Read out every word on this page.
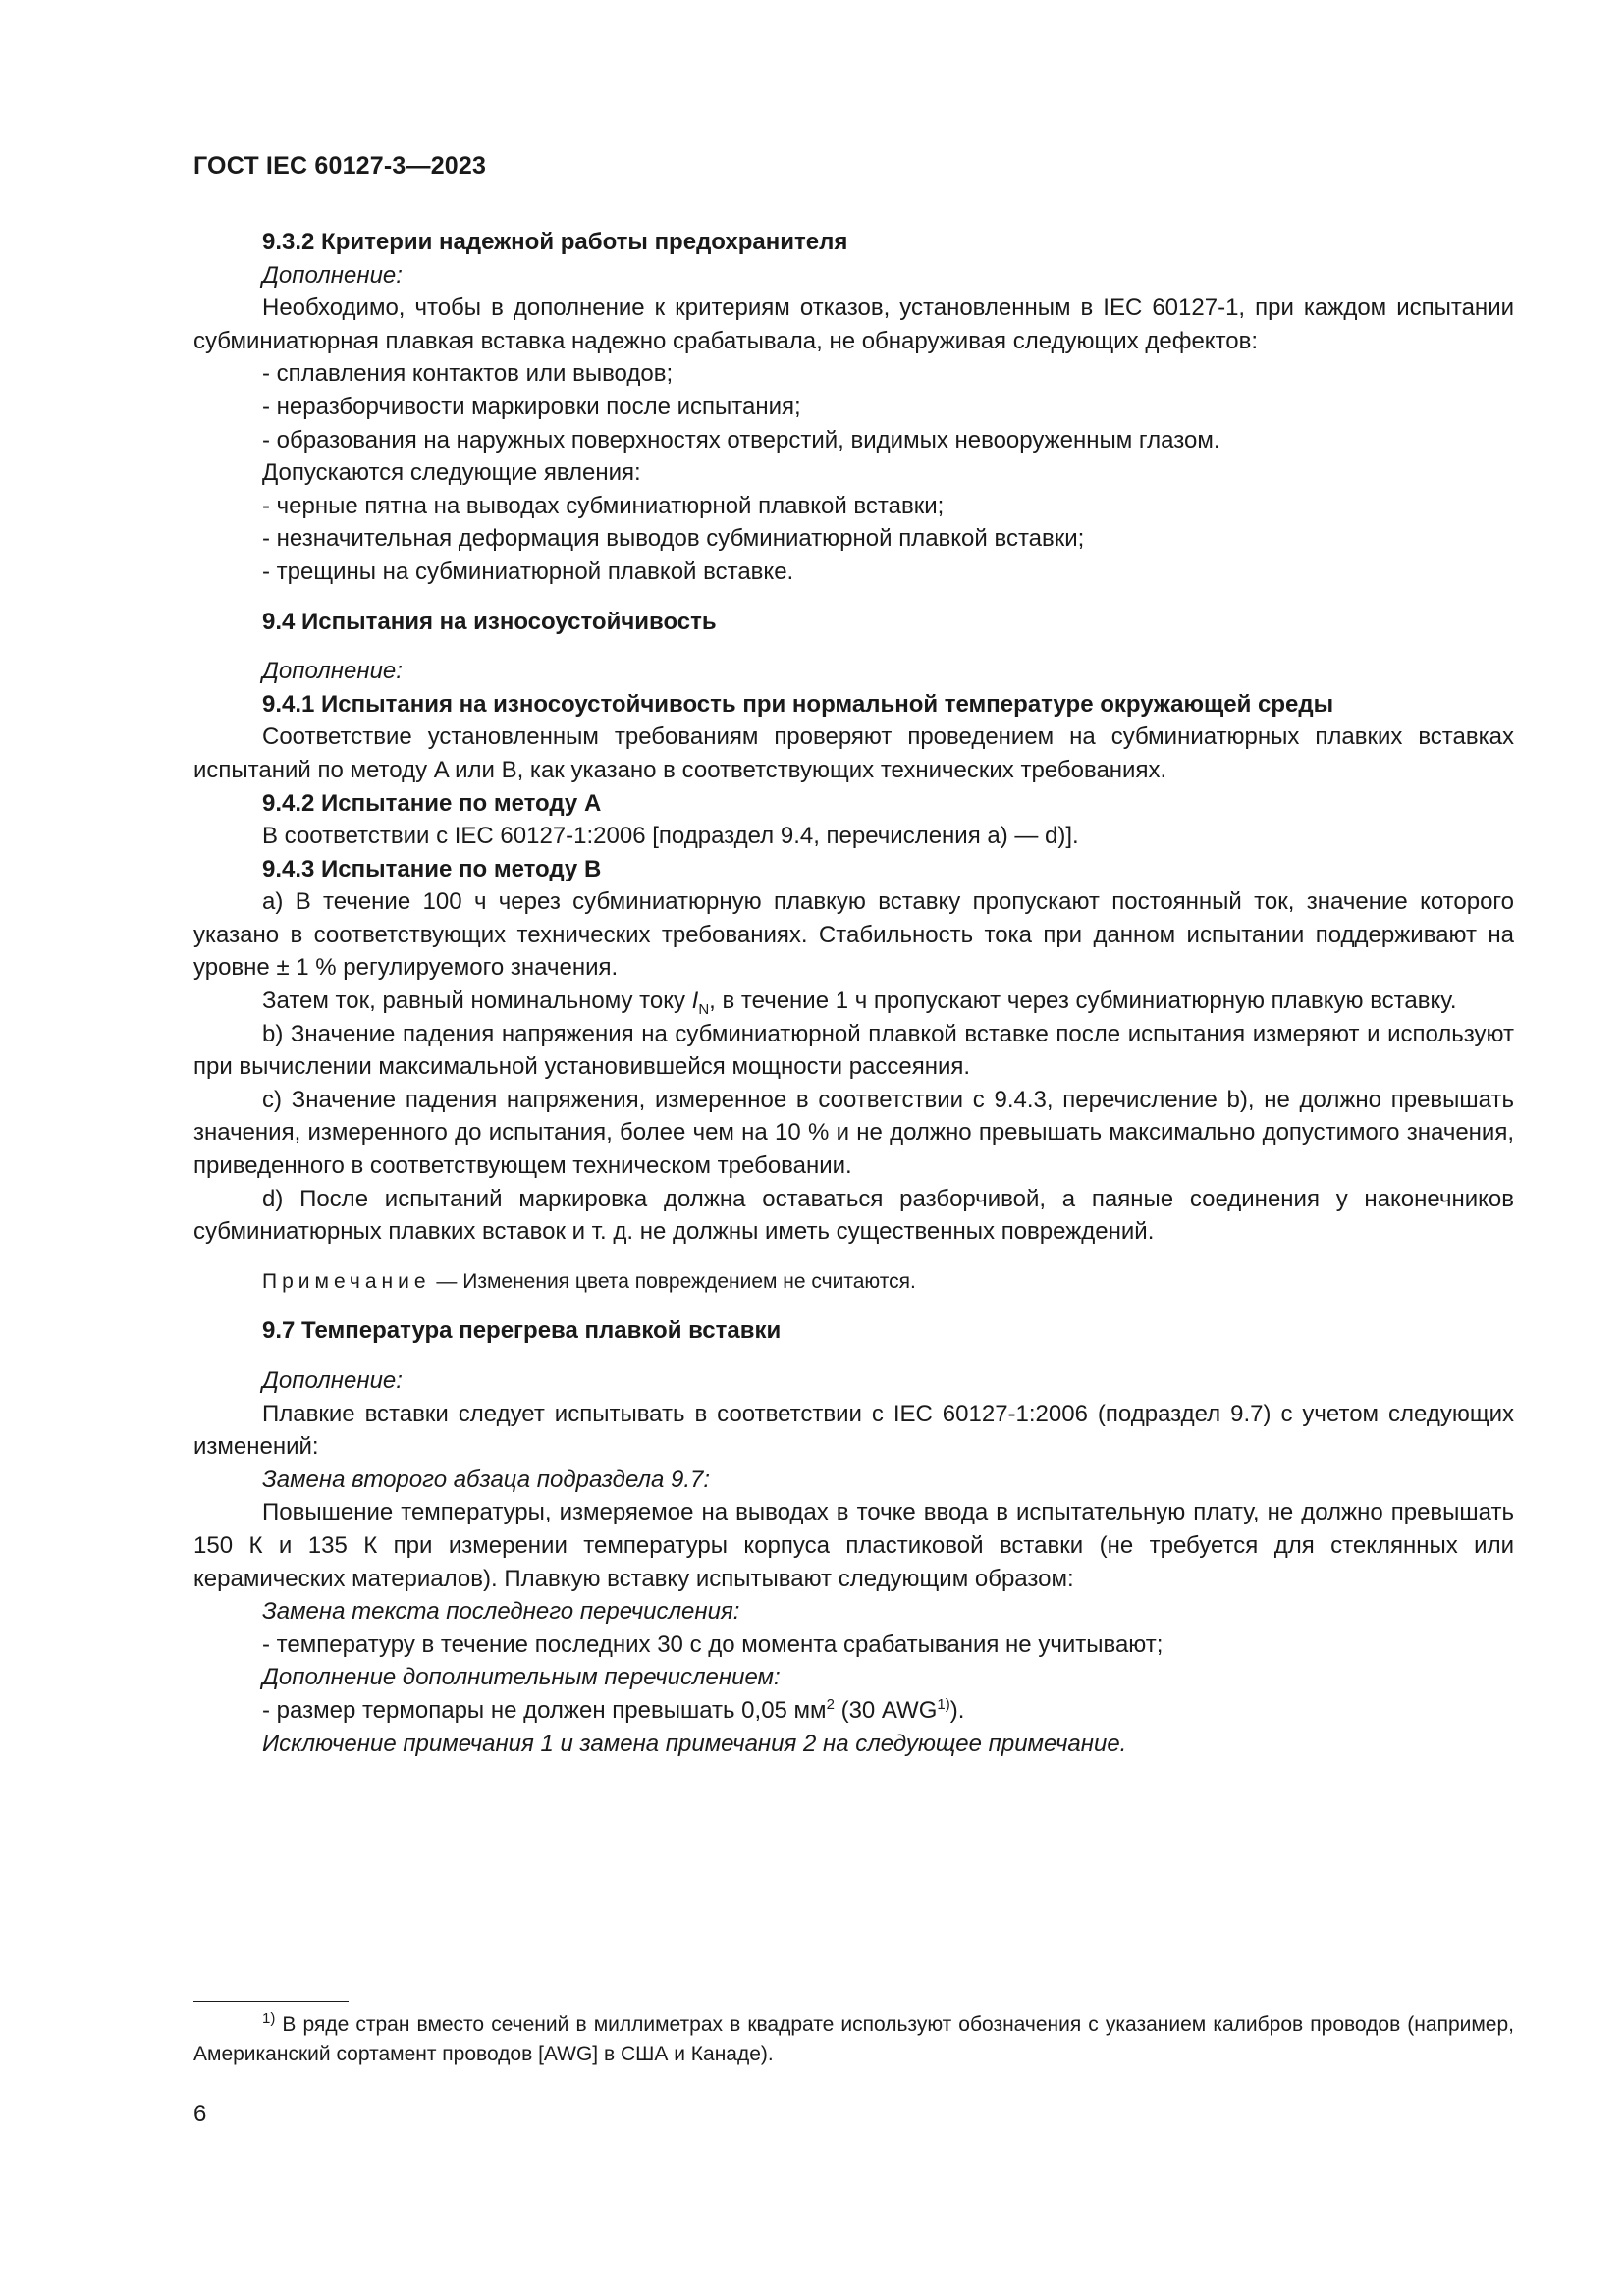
ГОСТ IEC 60127-3—2023

9.3.2 Критерии надежной работы предохранителя

Дополнение:

Необходимо, чтобы в дополнение к критериям отказов, установленным в IEC 60127-1, при каждом испытании субминиатюрная плавкая вставка надежно срабатывала, не обнаруживая следующих дефектов:

- сплавления контактов или выводов;

- неразборчивости маркировки после испытания;

- образования на наружных поверхностях отверстий, видимых невооруженным глазом.

Допускаются следующие явления:

- черные пятна на выводах субминиатюрной плавкой вставки;

- незначительная деформация выводов субминиатюрной плавкой вставки;

- трещины на субминиатюрной плавкой вставке.

9.4 Испытания на износоустойчивость

Дополнение:

9.4.1 Испытания на износоустойчивость при нормальной температуре окружающей среды

Соответствие установленным требованиям проверяют проведением на субминиатюрных плавких вставках испытаний по методу A или B, как указано в соответствующих технических требованиях.

9.4.2 Испытание по методу А

В соответствии с IEC 60127-1:2006 [подраздел 9.4, перечисления a) — d)].

9.4.3 Испытание по методу В

a) В течение 100 ч через субминиатюрную плавкую вставку пропускают постоянный ток, значение которого указано в соответствующих технических требованиях. Стабильность тока при данном испытании поддерживают на уровне ± 1 % регулируемого значения.

Затем ток, равный номинальному току $I_N$, в течение 1 ч пропускают через субминиатюрную плавкую вставку.

b) Значение падения напряжения на субминиатюрной плавкой вставке после испытания измеряют и используют при вычислении максимальной установившейся мощности рассеяния.

c) Значение падения напряжения, измеренное в соответствии с 9.4.3, перечисление b), не должно превышать значения, измеренного до испытания, более чем на 10 % и не должно превышать максимально допустимого значения, приведенного в соответствующем техническом требовании.

d) После испытаний маркировка должна оставаться разборчивой, а паяные соединения у наконечников субминиатюрных плавких вставок и т. д. не должны иметь существенных повреждений.

Примечание — Изменения цвета повреждением не считаются.

9.7 Температура перегрева плавкой вставки

Дополнение:

Плавкие вставки следует испытывать в соответствии с IEC 60127-1:2006 (подраздел 9.7) с учетом следующих изменений:

Замена второго абзаца подраздела 9.7:

Повышение температуры, измеряемое на выводах в точке ввода в испытательную плату, не должно превышать 150 К и 135 К при измерении температуры корпуса пластиковой вставки (не требуется для стеклянных или керамических материалов). Плавкую вставку испытывают следующим образом:

Замена текста последнего перечисления:

- температуру в течение последних 30 с до момента срабатывания не учитывают;

Дополнение дополнительным перечислением:

- размер термопары не должен превышать 0,05 $мм^2$ (30 AWG$^{1)}$).

Исключение примечания 1 и замена примечания 2 на следующее примечание.

$^{1)}$ В ряде стран вместо сечений в миллиметрах в квадрате используют обозначения с указанием калибров проводов (например, Американский сортамент проводов [AWG] в США и Канаде).

6
